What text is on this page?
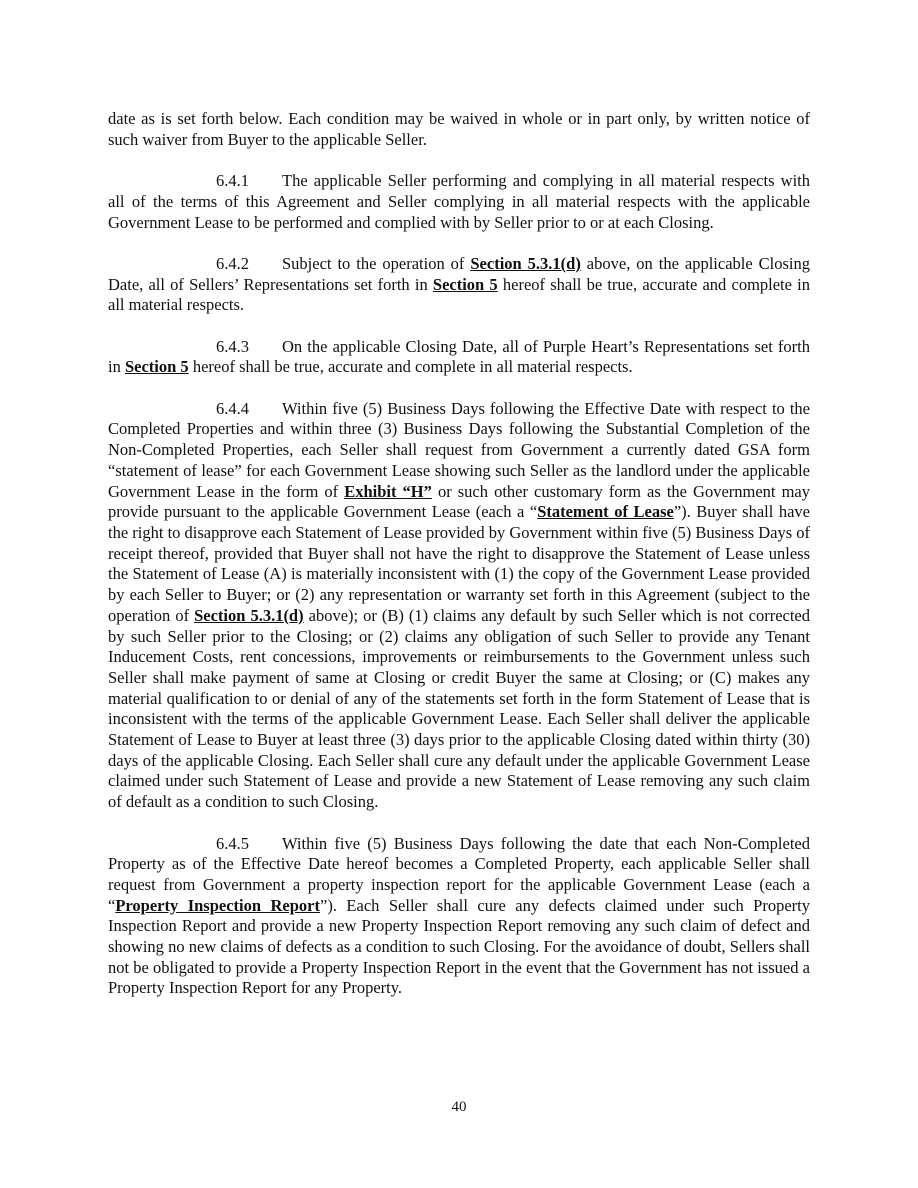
date as is set forth below. Each condition may be waived in whole or in part only, by written notice of such waiver from Buyer to the applicable Seller.

6.4.1 The applicable Seller performing and complying in all material respects with all of the terms of this Agreement and Seller complying in all material respects with the applicable Government Lease to be performed and complied with by Seller prior to or at each Closing.

6.4.2 Subject to the operation of Section 5.3.1(d) above, on the applicable Closing Date, all of Sellers’ Representations set forth in Section 5 hereof shall be true, accurate and complete in all material respects.

6.4.3 On the applicable Closing Date, all of Purple Heart’s Representations set forth in Section 5 hereof shall be true, accurate and complete in all material respects.

6.4.4 Within five (5) Business Days following the Effective Date with respect to the Completed Properties and within three (3) Business Days following the Substantial Completion of the Non-Completed Properties, each Seller shall request from Government a currently dated GSA form “statement of lease” for each Government Lease showing such Seller as the landlord under the applicable Government Lease in the form of Exhibit “H” or such other customary form as the Government may provide pursuant to the applicable Government Lease (each a “Statement of Lease”). Buyer shall have the right to disapprove each Statement of Lease provided by Government within five (5) Business Days of receipt thereof, provided that Buyer shall not have the right to disapprove the Statement of Lease unless the Statement of Lease (A) is materially inconsistent with (1) the copy of the Government Lease provided by each Seller to Buyer; or (2) any representation or warranty set forth in this Agreement (subject to the operation of Section 5.3.1(d) above); or (B) (1) claims any default by such Seller which is not corrected by such Seller prior to the Closing; or (2) claims any obligation of such Seller to provide any Tenant Inducement Costs, rent concessions, improvements or reimbursements to the Government unless such Seller shall make payment of same at Closing or credit Buyer the same at Closing; or (C) makes any material qualification to or denial of any of the statements set forth in the form Statement of Lease that is inconsistent with the terms of the applicable Government Lease. Each Seller shall deliver the applicable Statement of Lease to Buyer at least three (3) days prior to the applicable Closing dated within thirty (30) days of the applicable Closing. Each Seller shall cure any default under the applicable Government Lease claimed under such Statement of Lease and provide a new Statement of Lease removing any such claim of default as a condition to such Closing.

6.4.5 Within five (5) Business Days following the date that each Non-Completed Property as of the Effective Date hereof becomes a Completed Property, each applicable Seller shall request from Government a property inspection report for the applicable Government Lease (each a “Property Inspection Report”). Each Seller shall cure any defects claimed under such Property Inspection Report and provide a new Property Inspection Report removing any such claim of defect and showing no new claims of defects as a condition to such Closing. For the avoidance of doubt, Sellers shall not be obligated to provide a Property Inspection Report in the event that the Government has not issued a Property Inspection Report for any Property.

40
